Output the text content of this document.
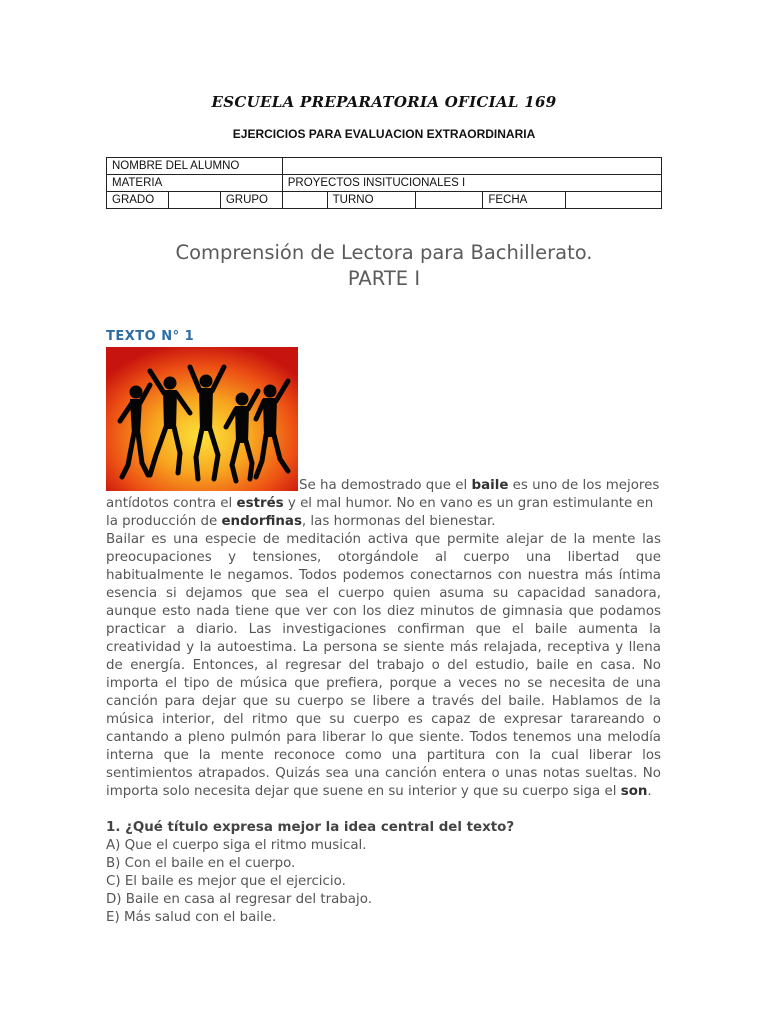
ESCUELA PREPARATORIA OFICIAL 169
EJERCICIOS PARA EVALUACION EXTRAORDINARIA
NOMBRE DEL ALUMNO							
MATERIA			PROYECTOS INSITUCIONALES I				
GRADO		GRUPO		TURNO		FECHA	
Comprensión de Lectora para Bachillerato.
PARTE I
TEXTO N° 1
Se ha demostrado que el baile es uno de los mejores antídotos contra el estrés y el mal humor. No en vano es un gran estimulante en la producción de endorfinas, las hormonas del bienestar.
Bailar es una especie de meditación activa que permite alejar de la mente las preocupaciones y tensiones, otorgándole al cuerpo una libertad que habitualmente le negamos. Todos podemos conectarnos con nuestra más íntima esencia si dejamos que sea el cuerpo quien asuma su capacidad sanadora, aunque esto nada tiene que ver con los diez minutos de gimnasia que podamos practicar a diario. Las investigaciones confirman que el baile aumenta la creatividad y la autoestima. La persona se siente más relajada, receptiva y llena de energía. Entonces, al regresar del trabajo o del estudio, baile en casa. No importa el tipo de música que prefiera, porque a veces no se necesita de una canción para dejar que su cuerpo se libere a través del baile. Hablamos de la música interior, del ritmo que su cuerpo es capaz de expresar tarareando o cantando a pleno pulmón para liberar lo que siente. Todos tenemos una melodía interna que la mente reconoce como una partitura con la cual liberar los sentimientos atrapados. Quizás sea una canción entera o unas notas sueltas. No importa solo necesita dejar que suene en su interior y que su cuerpo siga el son.
1. ¿Qué título expresa mejor la idea central del texto?
A) Que el cuerpo siga el ritmo musical.
B) Con el baile en el cuerpo.
C) El baile es mejor que el ejercicio.
D) Baile en casa al regresar del trabajo.
E) Más salud con el baile.
